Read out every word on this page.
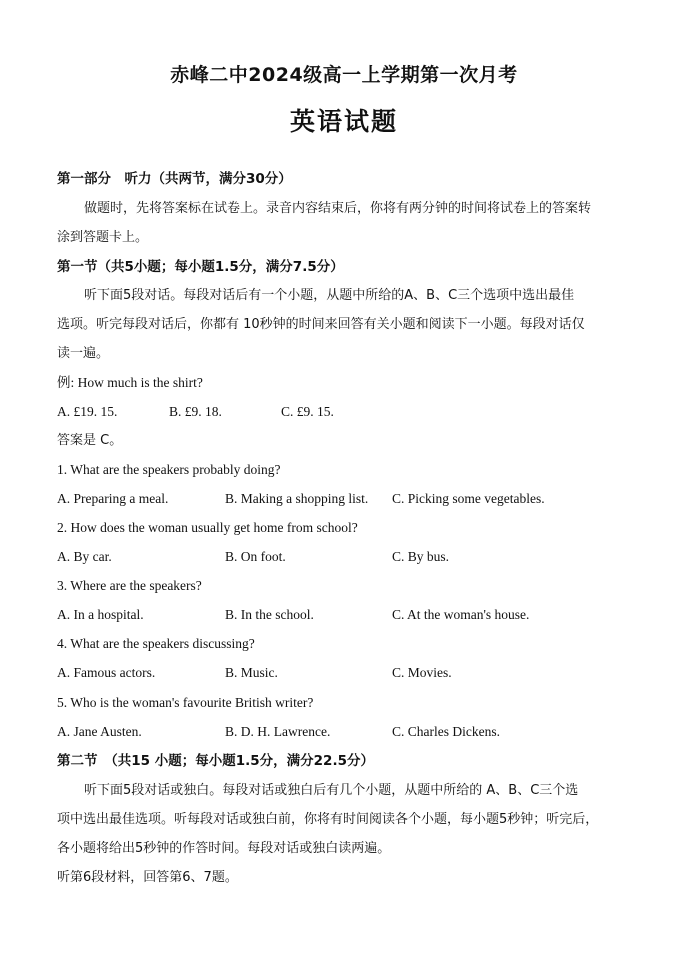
赤峰二中2024级高一上学期第一次月考
英语试题
第一部分　听力（共两节，满分30分）
做题时，先将答案标在试卷上。录音内容结束后，你将有两分钟的时间将试卷上的答案转
涂到答题卡上。
第一节（共5小题；每小题1.5分，满分7.5分）
听下面5段对话。每段对话后有一个小题，从题中所给的A、B、C三个选项中选出最佳
选项。听完每段对话后，你都有 10秒钟的时间来回答有关小题和阅读下一小题。每段对话仅
读一遍。
例: How much is the shirt?
A. £19. 15.	B. £9. 18.	C. £9. 15.
答案是 C。
1. What are the speakers probably doing?
A. Preparing a meal.	B. Making a shopping list. C. Picking some vegetables.
2. How does the woman usually get home from school?
A. By car.	B. On foot.	C. By bus.
3. Where are the speakers?
A. In a hospital.	B. In the school.	C. At the woman's house.
4. What are the speakers discussing?
A. Famous actors.	B. Music.	C. Movies.
5. Who is the woman's favourite British writer?
A. Jane Austen.	B. D. H. Lawrence.	C. Charles Dickens.
第二节　（共15 小题；每小题1.5分，满分22.5分）
听下面5段对话或独白。每段对话或独白后有几个小题，从题中所给的 A、B、C三个选
项中选出最佳选项。听每段对话或独白前，你将有时间阅读各个小题，每小题5秒钟；听完后，
各小题将给出5秒钟的作答时间。每段对话或独白读两遍。
听第6段材料，回答第6、7题。
